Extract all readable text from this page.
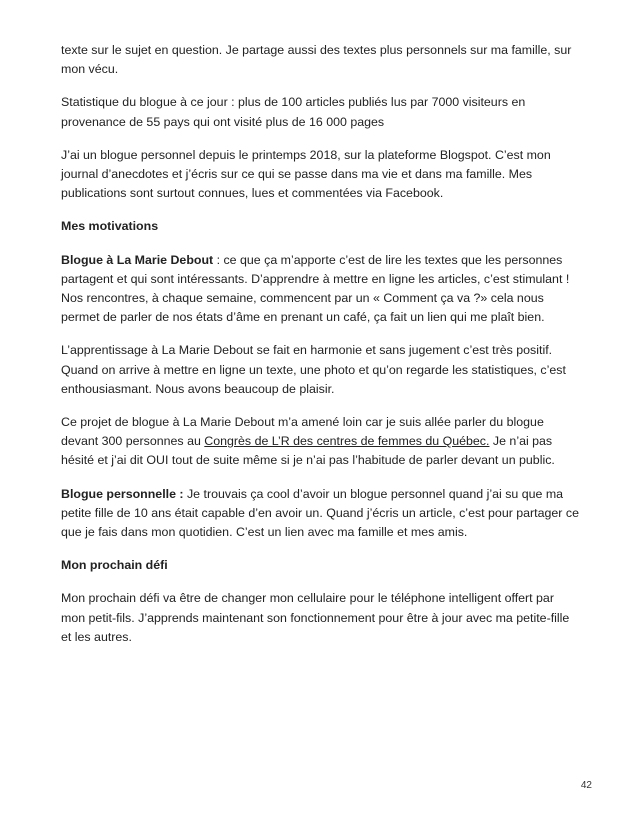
texte sur le sujet en question. Je partage aussi des textes plus personnels sur ma famille, sur mon vécu.

Statistique du blogue à ce jour : plus de 100 articles publiés lus par 7000 visiteurs en provenance de 55 pays qui ont visité plus de 16 000 pages

J’ai un blogue personnel depuis le printemps 2018, sur la plateforme Blogspot. C’est mon journal d’anecdotes et j’écris sur ce qui se passe dans ma vie et dans ma famille. Mes publications sont surtout connues, lues et commentées via Facebook.

Mes motivations

Blogue à La Marie Debout : ce que ça m’apporte c’est de lire les textes que les personnes partagent et qui sont intéressants. D’apprendre à mettre en ligne les articles, c’est stimulant ! Nos rencontres, à chaque semaine, commencent par un « Comment ça va ?» cela nous permet de parler de nos états d’âme en prenant un café, ça fait un lien qui me plaît bien.

L’apprentissage à La Marie Debout se fait en harmonie et sans jugement c’est très positif. Quand on arrive à mettre en ligne un texte, une photo et qu’on regarde les statistiques, c’est enthousiasmant. Nous avons beaucoup de plaisir.

Ce projet de blogue à La Marie Debout m’a amené loin car je suis allée parler du blogue devant 300 personnes au Congrès de L’R des centres de femmes du Québec. Je n’ai pas hésité et j’ai dit OUI tout de suite même si je n’ai pas l’habitude de parler devant un public.

Blogue personnelle : Je trouvais ça cool d’avoir un blogue personnel quand j’ai su que ma petite fille de 10 ans était capable d’en avoir un. Quand j’écris un article, c’est pour partager ce que je fais dans mon quotidien. C’est un lien avec ma famille et mes amis.

Mon prochain défi

Mon prochain défi va être de changer mon cellulaire pour le téléphone intelligent offert par mon petit-fils. J’apprends maintenant son fonctionnement pour être à jour avec ma petite-fille et les autres.

42
